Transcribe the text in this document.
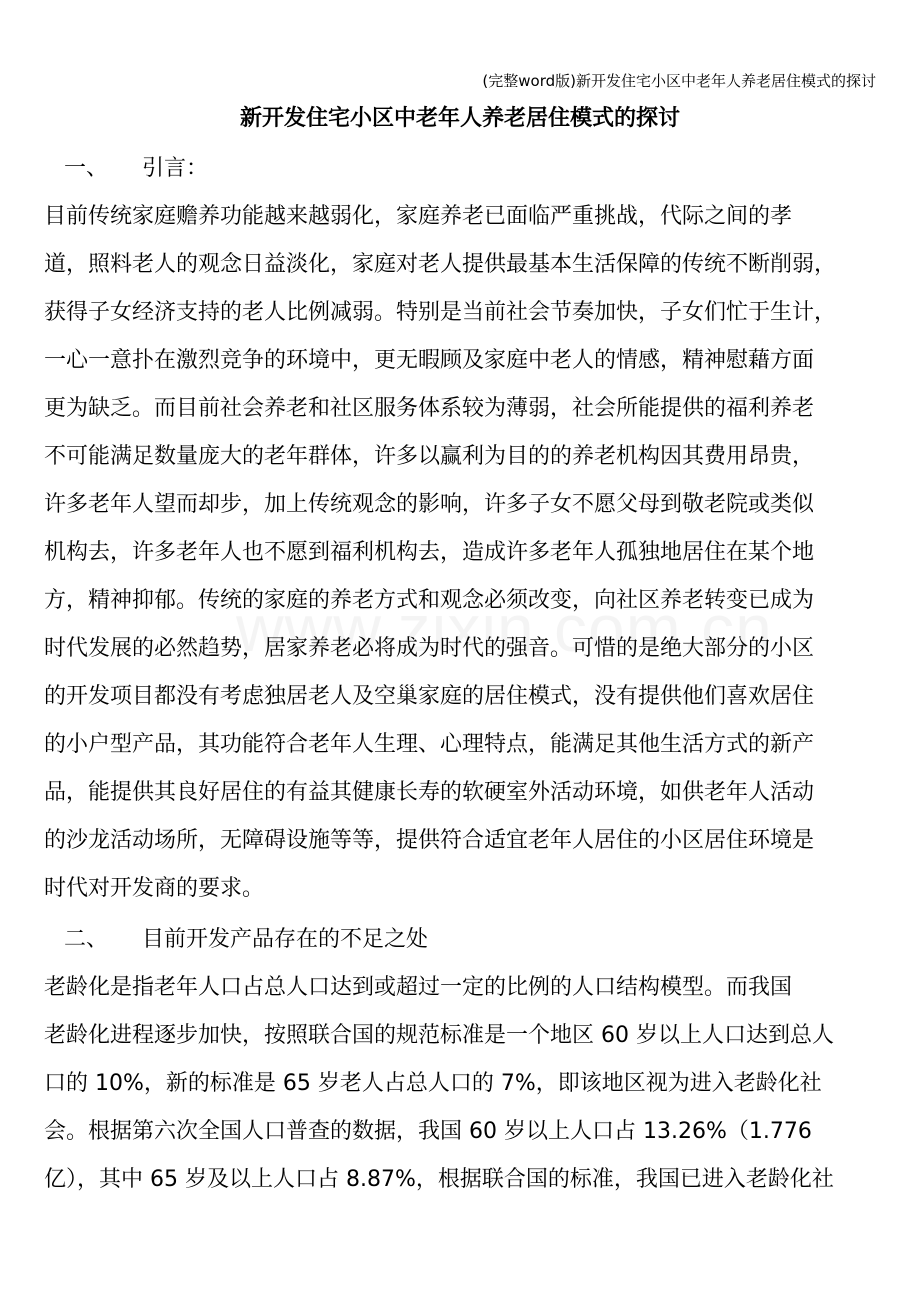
(完整word版)新开发住宅小区中老年人养老居住模式的探讨
新开发住宅小区中老年人养老居住模式的探讨
一、 引言：
目前传统家庭赡养功能越来越弱化，家庭养老已面临严重挑战，代际之间的孝
道，照料老人的观念日益淡化，家庭对老人提供最基本生活保障的传统不断削弱，
获得子女经济支持的老人比例减弱。特别是当前社会节奏加快，子女们忙于生计，
一心一意扑在激烈竞争的环境中，更无暇顾及家庭中老人的情感，精神慰藉方面
更为缺乏。而目前社会养老和社区服务体系较为薄弱，社会所能提供的福利养老
不可能满足数量庞大的老年群体，许多以赢利为目的的养老机构因其费用昂贵，
许多老年人望而却步，加上传统观念的影响，许多子女不愿父母到敬老院或类似
机构去，许多老年人也不愿到福利机构去，造成许多老年人孤独地居住在某个地
方，精神抑郁。传统的家庭的养老方式和观念必须改变，向社区养老转变已成为
时代发展的必然趋势，居家养老必将成为时代的强音。可惜的是绝大部分的小区
的开发项目都没有考虑独居老人及空巢家庭的居住模式，没有提供他们喜欢居住
的小户型产品，其功能符合老年人生理、心理特点，能满足其他生活方式的新产
品，能提供其良好居住的有益其健康长寿的软硬室外活动环境，如供老年人活动
的沙龙活动场所，无障碍设施等等，提供符合适宜老年人居住的小区居住环境是
时代对开发商的要求。
二、 目前开发产品存在的不足之处
老龄化是指老年人口占总人口达到或超过一定的比例的人口结构模型。而我国
老龄化进程逐步加快，按照联合国的规范标准是一个地区 60 岁以上人口达到总人
口的 10%，新的标准是 65 岁老人占总人口的 7%，即该地区视为进入老龄化社
会。根据第六次全国人口普查的数据，我国 60 岁以上人口占 13.26%（1.776
亿），其中 65 岁及以上人口占 8.87%，根据联合国的标准，我国已进入老龄化社
